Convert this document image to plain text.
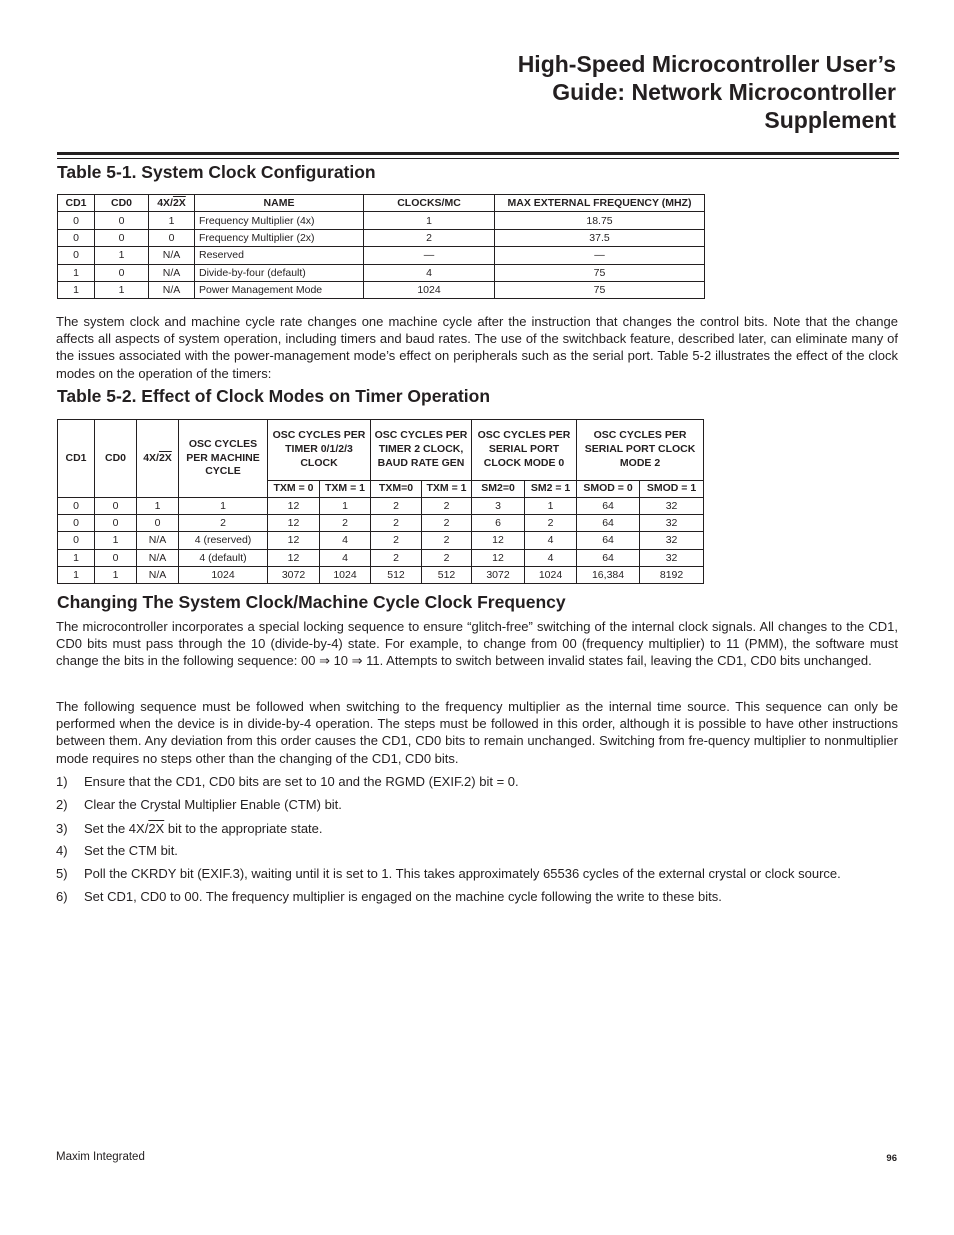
High-Speed Microcontroller User’s
Guide: Network Microcontroller
Supplement
Table 5-1. System Clock Configuration
CD1	CD0	4X/2X	NAME	CLOCKS/MC	MAX EXTERNAL FREQUENCY (MHZ)
0	0	1	Frequency Multiplier (4x)	1	18.75
0	0	0	Frequency Multiplier (2x)	2	37.5
0	1	N/A	Reserved	—	—
1	0	N/A	Divide-by-four (default)	4	75
1	1	N/A	Power Management Mode	1024	75
The system clock and machine cycle rate changes one machine cycle after the instruction that changes the control bits. Note that the change affects all aspects of system operation, including timers and baud rates. The use of the switchback feature, described later, can eliminate many of the issues associated with the power-management mode’s effect on peripherals such as the serial port. Table 5-2 illustrates the effect of the clock modes on the operation of the timers:
Table 5-2. Effect of Clock Modes on Timer Operation
CD1	CD0	4X/2X	OSC CYCLES PER MACHINE CYCLE	OSC CYCLES PER TIMER 0/1/2/3 CLOCK		OSC CYCLES PER TIMER 2 CLOCK, BAUD RATE GEN		OSC CYCLES PER SERIAL PORT CLOCK MODE 0		OSC CYCLES PER SERIAL PORT CLOCK MODE 2	
				TXM = 0	TXM = 1	TXM=0	TXM = 1	SM2=0	SM2 = 1	SMOD = 0	SMOD = 1
0	0	1	1	12	1	2	2	3	1	64	32
0	0	0	2	12	2	2	2	6	2	64	32
0	1	N/A	4 (reserved)	12	4	2	2	12	4	64	32
1	0	N/A	4 (default)	12	4	2	2	12	4	64	32
1	1	N/A	1024	3072	1024	512	512	3072	1024	16,384	8192
Changing The System Clock/Machine Cycle Clock Frequency
The microcontroller incorporates a special locking sequence to ensure “glitch-free” switching of the internal clock signals. All changes to the CD1, CD0 bits must pass through the 10 (divide-by-4) state. For example, to change from 00 (frequency multiplier) to 11 (PMM), the software must change the bits in the following sequence: 00 ⇒ 10 ⇒ 11. Attempts to switch between invalid states fail, leaving the CD1, CD0 bits unchanged.
The following sequence must be followed when switching to the frequency multiplier as the internal time source. This sequence can only be performed when the device is in divide-by-4 operation. The steps must be followed in this order, although it is possible to have other instructions between them. Any deviation from this order causes the CD1, CD0 bits to remain unchanged. Switching from fre-quency multiplier to nonmultiplier mode requires no steps other than the changing of the CD1, CD0 bits.
1) Ensure that the CD1, CD0 bits are set to 10 and the RGMD (EXIF.2) bit = 0.
2) Clear the Crystal Multiplier Enable (CTM) bit.
3) Set the 4X/2X bit to the appropriate state.
4) Set the CTM bit.
5) Poll the CKRDY bit (EXIF.3), waiting until it is set to 1. This takes approximately 65536 cycles of the external crystal or clock source.
6) Set CD1, CD0 to 00. The frequency multiplier is engaged on the machine cycle following the write to these bits.
Maxim Integrated	96
